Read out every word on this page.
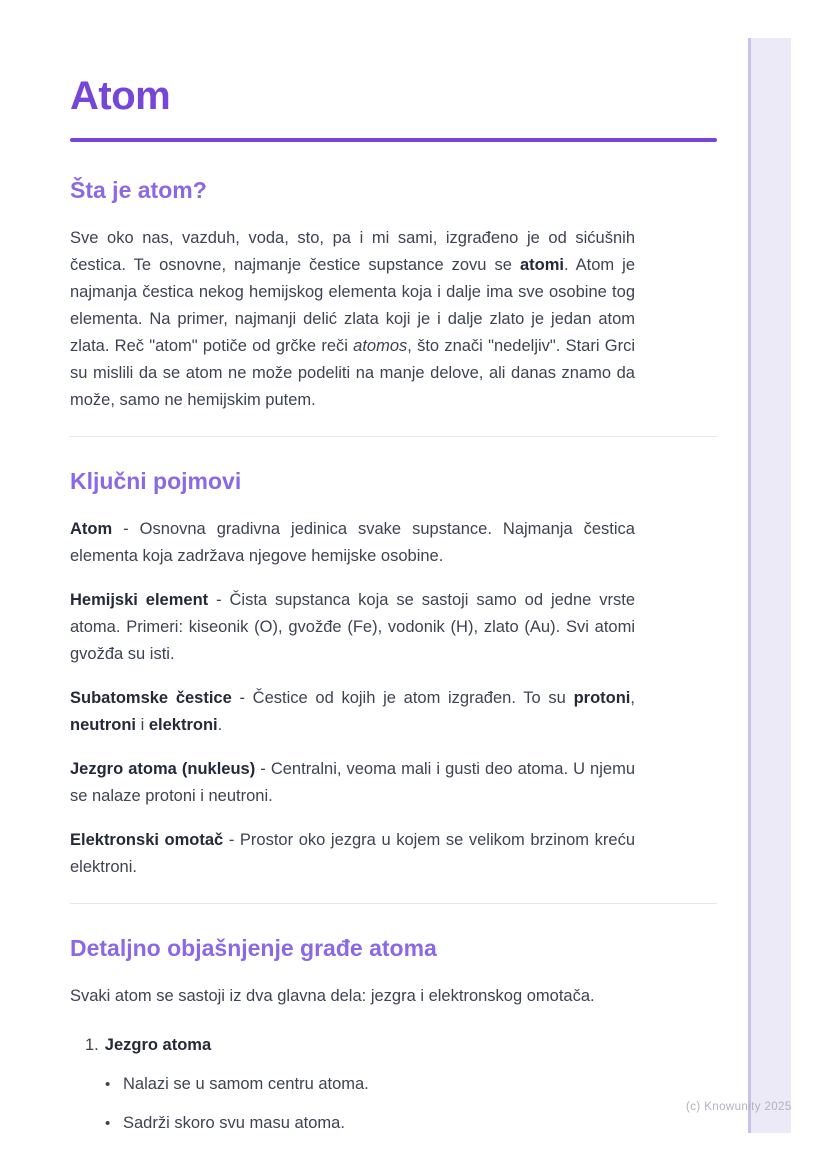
Atom
Šta je atom?

Sve oko nas, vazduh, voda, sto, pa i mi sami, izgrađeno je od sićušnih čestica. Te osnovne, najmanje čestice supstance zovu se atomi. Atom je najmanja čestica nekog hemijskog elementa koja i dalje ima sve osobine tog elementa. Na primer, najmanji delić zlata koji je i dalje zlato je jedan atom zlata. Reč "atom" potiče od grčke reči atomos, što znači "nedeljiv". Stari Grci su mislili da se atom ne može podeliti na manje delove, ali danas znamo da može, samo ne hemijskim putem.

Ključni pojmovi

Atom - Osnovna gradivna jedinica svake supstance. Najmanja čestica elementa koja zadržava njegove hemijske osobine.

Hemijski element - Čista supstanca koja se sastoji samo od jedne vrste atoma. Primeri: kiseonik (O), gvožđe (Fe), vodonik (H), zlato (Au). Svi atomi gvožđa su isti.

Subatomske čestice - Čestice od kojih je atom izgrađen. To su protoni, neutroni i elektroni.

Jezgro atoma (nukleus) - Centralni, veoma mali i gusti deo atoma. U njemu se nalaze protoni i neutroni.

Elektronski omotač - Prostor oko jezgra u kojem se velikom brzinom kreću elektroni.

Detaljno objašnjenje građe atoma

Svaki atom se sastoji iz dva glavna dela: jezgra i elektronskog omotača.

1. Jezgro atoma
• Nalazi se u samom centru atoma.
• Sadrži skoro svu masu atoma.
(c) Knowunity 2025
